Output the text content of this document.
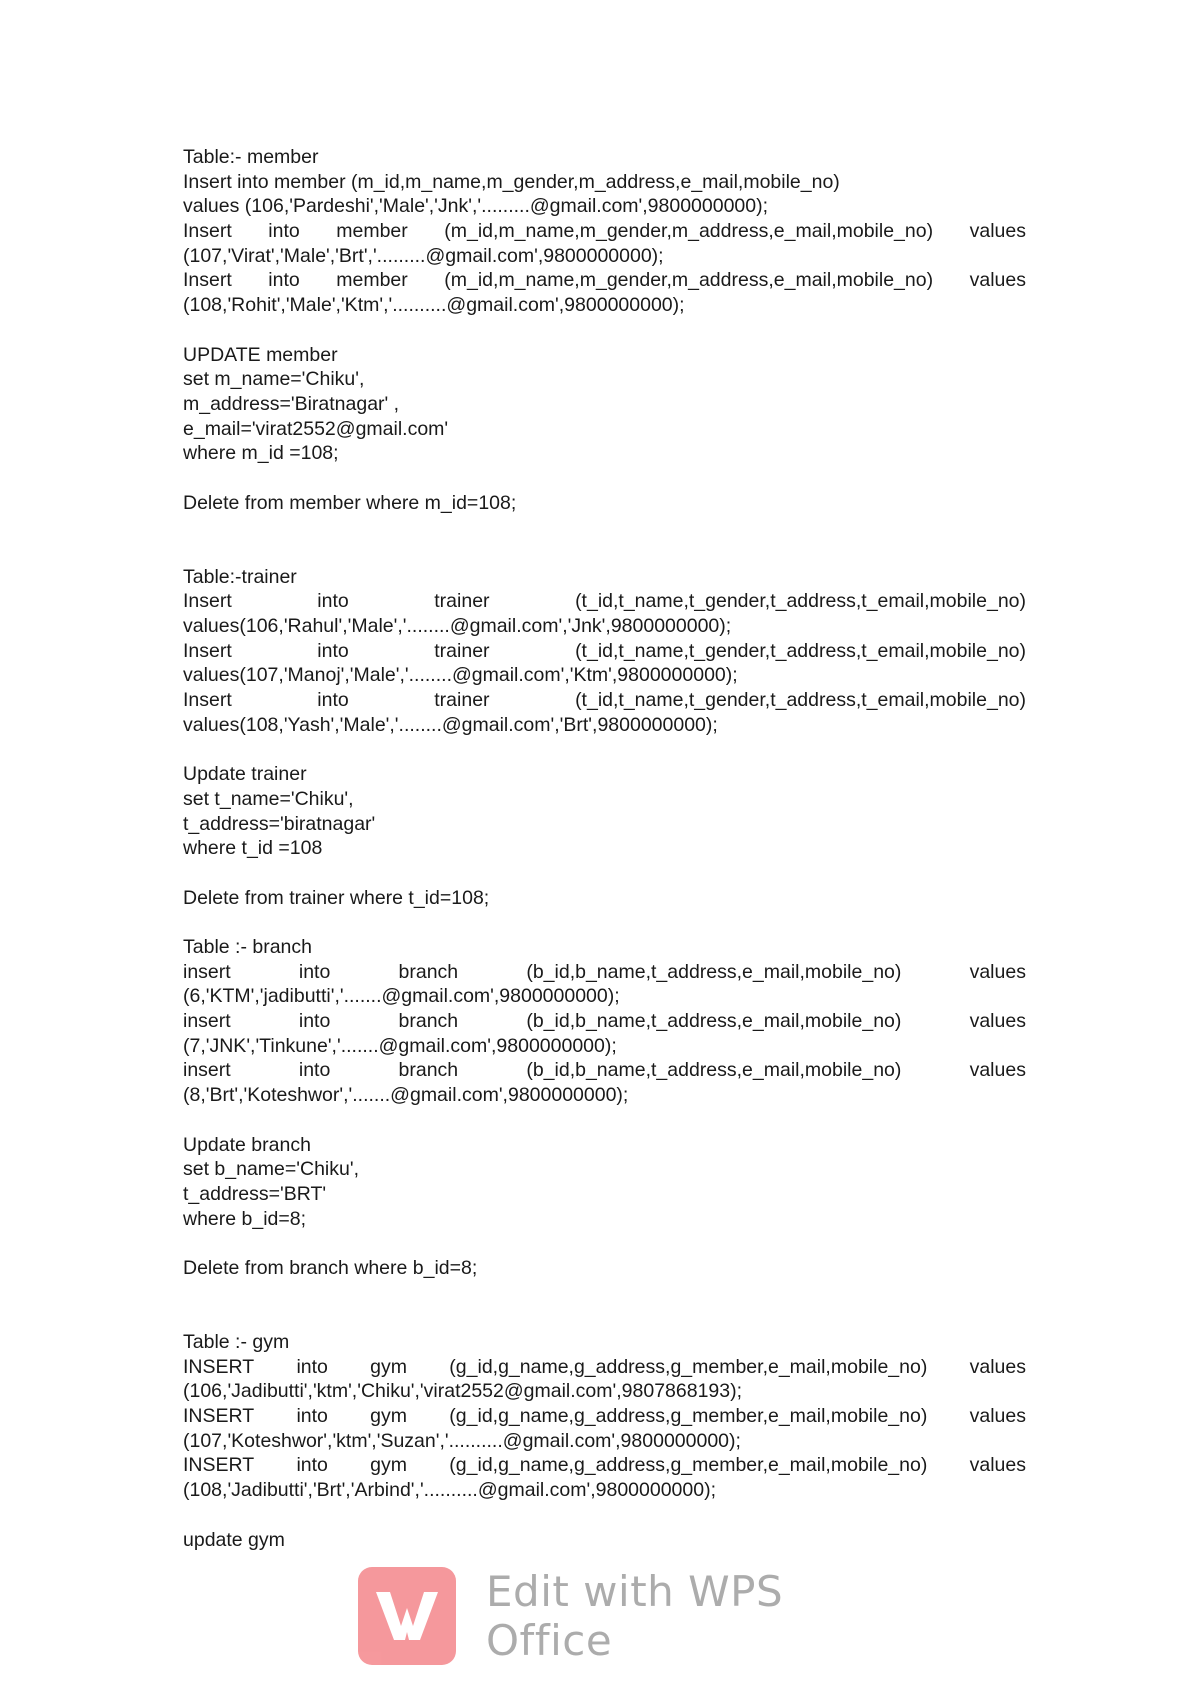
Table:- member
Insert into member (m_id,m_name,m_gender,m_address,e_mail,mobile_no)
values (106,'Pardeshi','Male','Jnk','.........@gmail.com',9800000000);
Insert into member (m_id,m_name,m_gender,m_address,e_mail,mobile_no) values
(107,'Virat','Male','Brt','.........@gmail.com',9800000000);
Insert into member (m_id,m_name,m_gender,m_address,e_mail,mobile_no) values
(108,'Rohit','Male','Ktm','..........@gmail.com',9800000000);
UPDATE member
set m_name='Chiku',
m_address='Biratnagar' ,
e_mail='virat2552@gmail.com'
where m_id =108;
Delete from member where m_id=108;
Table:-trainer
Insert	into	trainer	(t_id,t_name,t_gender,t_address,t_email,mobile_no)
values(106,'Rahul','Male','........@gmail.com','Jnk',9800000000);
Insert	into	trainer	(t_id,t_name,t_gender,t_address,t_email,mobile_no)
values(107,'Manoj','Male','........@gmail.com','Ktm',9800000000);
Insert	into	trainer	(t_id,t_name,t_gender,t_address,t_email,mobile_no)
values(108,'Yash','Male','........@gmail.com','Brt',9800000000);
Update trainer
set t_name='Chiku',
t_address='biratnagar'
where t_id =108
Delete from trainer where t_id=108;
Table :- branch
insert	into	branch	(b_id,b_name,t_address,e_mail,mobile_no)	values
(6,'KTM','jadibutti','.......@gmail.com',9800000000);
insert	into	branch	(b_id,b_name,t_address,e_mail,mobile_no)	values
(7,'JNK','Tinkune','.......@gmail.com',9800000000);
insert	into	branch	(b_id,b_name,t_address,e_mail,mobile_no)	values
(8,'Brt','Koteshwor','.......@gmail.com',9800000000);
Update branch
set b_name='Chiku',
t_address='BRT'
where b_id=8;
Delete from branch where b_id=8;
Table :- gym
INSERT into gym (g_id,g_name,g_address,g_member,e_mail,mobile_no) values
(106,'Jadibutti','ktm','Chiku','virat2552@gmail.com',9807868193);
INSERT into gym (g_id,g_name,g_address,g_member,e_mail,mobile_no) values
(107,'Koteshwor','ktm','Suzan','..........@gmail.com',9800000000);
INSERT into gym (g_id,g_name,g_address,g_member,e_mail,mobile_no) values
(108,'Jadibutti','Brt','Arbind','..........@gmail.com',9800000000);
update gym
Edit with WPS Office
